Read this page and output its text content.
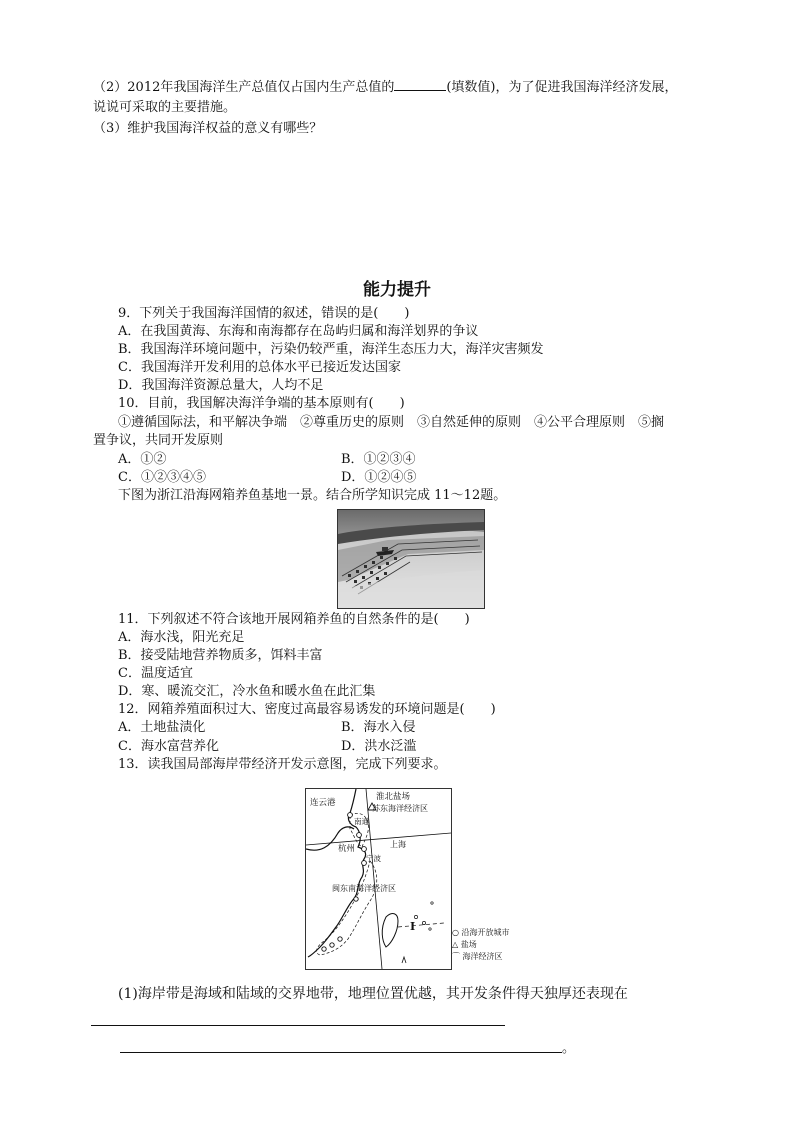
（2）2012年我国海洋生产总值仅占国内生产总值的	(填数值)，为了促进我国海洋经济发展，
说说可采取的主要措施。
（3）维护我国海洋权益的意义有哪些？
能力提升
9．下列关于我国海洋国情的叙述，错误的是(　　)
A．在我国黄海、东海和南海都存在岛屿归属和海洋划界的争议
B．我国海洋环境问题中，污染仍较严重，海洋生态压力大，海洋灾害频发
C．我国海洋开发利用的总体水平已接近发达国家
D．我国海洋资源总量大，人均不足
10．目前，我国解决海洋争端的基本原则有(　　)
①遵循国际法，和平解决争端　②尊重历史的原则　③自然延伸的原则　④公平合理原则　⑤搁
置争议，共同开发原则
A．①②	B．①②③④
C．①②③④⑤	D．①②④⑤
下图为浙江沿海网箱养鱼基地一景。结合所学知识完成 11～12题。
11．下列叙述不符合该地开展网箱养鱼的自然条件的是(　　)
A．海水浅，阳光充足
B．接受陆地营养物质多，饵料丰富
C．温度适宜
D．寒、暖流交汇，冷水鱼和暖水鱼在此汇集
12．网箱养殖面积过大、密度过高最容易诱发的环境问题是(　　)
A．土地盐渍化	B．海水入侵
C．海水富营养化	D．洪水泛滥
13．读我国局部海岸带经济开发示意图，完成下列要求。
连云港
淮北盐场
苏东海洋经济区
南通
上海
杭州
宁波
闽东南海洋经济区
Ⅰ	○ 沿海开放城市
△ 盐场
⌒ 海洋经济区
(1)海岸带是海域和陆域的交界地带，地理位置优越，其开发条件得天独厚还表现在
。
